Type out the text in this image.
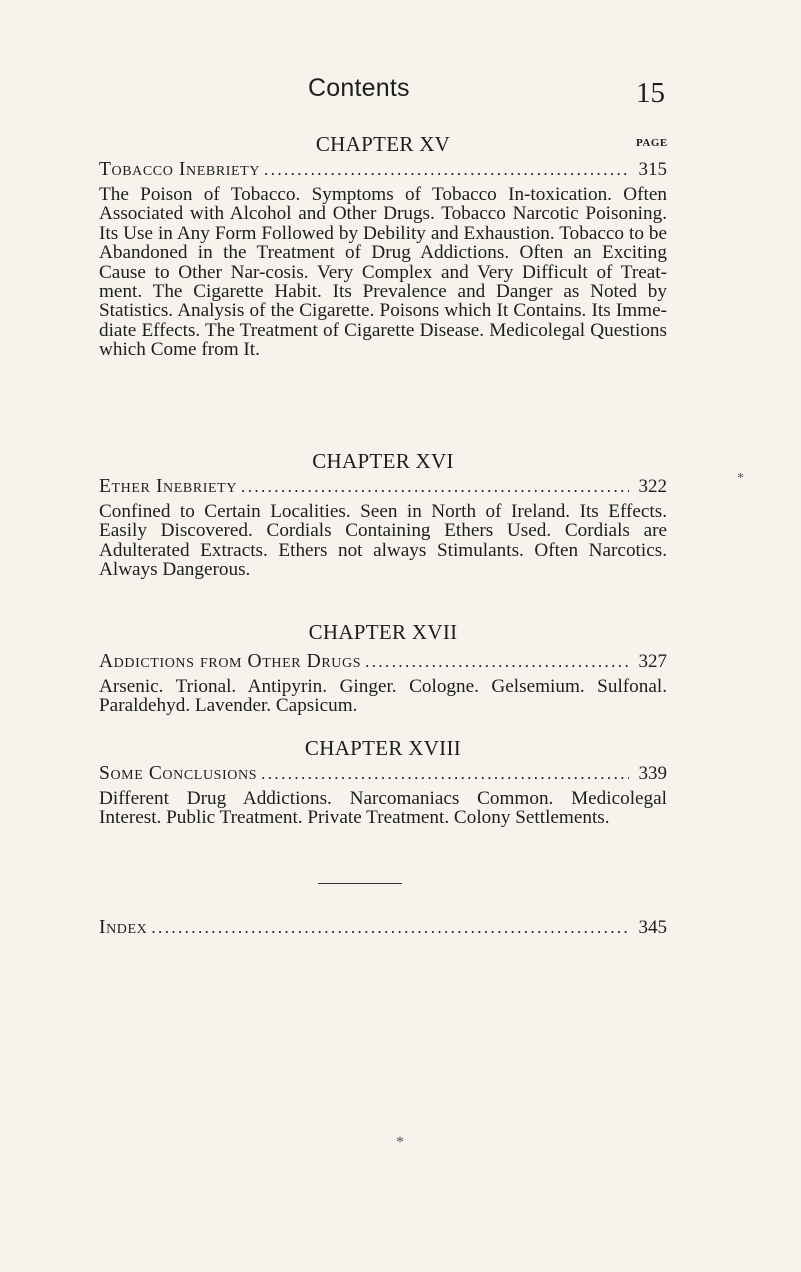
Contents	15
PAGE
CHAPTER XV
Tobacco Inebriety .....	315

The Poison of Tobacco. Symptoms of Tobacco In-toxication. Often Associated with Alcohol and Other Drugs. Tobacco Narcotic Poisoning. Its Use in Any Form Followed by Debility and Exhaustion. Tobacco to be Abandoned in the Treatment of Drug Addictions. Often an Exciting Cause to Other Nar-cosis. Very Complex and Very Difficult of Treat-ment. The Cigarette Habit. Its Prevalence and Danger as Noted by Statistics. Analysis of the Cigarette. Poisons which It Contains. Its Imme-diate Effects. The Treatment of Cigarette Disease. Medicolegal Questions which Come from It.

CHAPTER XVI
Ether Inebriety .....	322

Confined to Certain Localities. Seen in North of Ireland. Its Effects. Easily Discovered. Cordials Containing Ethers Used. Cordials are Adulterated Extracts. Ethers not always Stimulants. Often Narcotics. Always Dangerous.

CHAPTER XVII
Addictions from Other Drugs .....	327

Arsenic. Trional. Antipyrin. Ginger. Cologne. Gelsemium. Sulfonal. Paraldehyd. Lavender. Capsicum.

CHAPTER XVIII
Some Conclusions .....	339

Different Drug Addictions. Narcomaniacs Common. Medicolegal Interest. Public Treatment. Private Treatment. Colony Settlements.

Index .....	345
*
*
